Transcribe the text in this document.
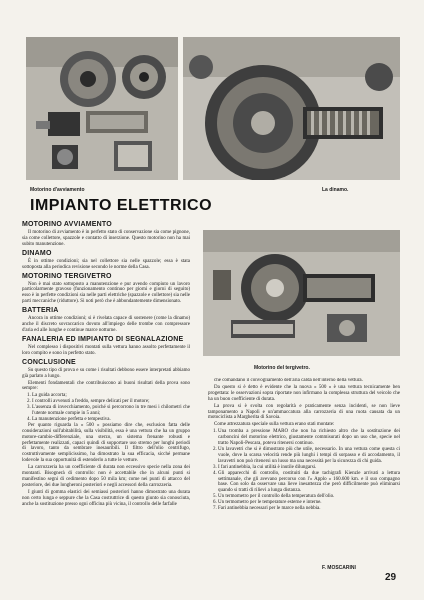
Motorino d'avviamento	La dinamo.
IMPIANTO ELETTRICO
MOTORINO AVVIAMENTO

Il motorino di avviamento è in perfetto stato di conservazione sia come pignone, sia come collettore, spazzole e contatto di inserzione. Questo motorino non ha mai subito manutenzione.

DINAMO

È in ottime condizioni; sia nel collettore sia nelle spazzole; essa è stata sottoposta alla periodica revisione secondo le norme della Casa.

MOTORINO TERGIVETRO

Non è mai stato sottoposto a manutenzione e pur avendo compiuto un lavoro particolarmente gravoso (funzionamento continuo per giorni e giorni di seguito) esso è in perfette condizioni sia nelle parti elettriche (spazzole e collettore) sia nelle parti meccaniche (riduttore). Si noti però che è abbondantemente dimensionato.

BATTERIA

Ancora in ottime condizioni; si è rivelata capace di sostenere (come la dinamo) anche il discreto sovraccarico dovuto all'impiego delle trombe con compressore d'aria ed alle lunghe e continue marce notturne.

FANALERIA ED IMPIANTO DI SEGNALAZIONE

Nel complesso i dispositivi montati sulla vettura hanno assolto perfettamente il loro compito e sono in perfetto stato.

CONCLUSIONE

Su questo tipo di prova e su come i risultati debbono essere interpretati abbiamo già parlato a lungo.

Elementi fondamentali che contribuiscono ai buoni risultati della prova sono sempre:

1. La guida accorta;
2. I controlli avvenuti a freddo, sempre delicati per il motore;
3. L'assenza di invecchiamento, poiché si percorrono in tre mesi i chilometri che l'utente normale compie in 5 anni;
4. La manutenzione perfetta e tempestiva.

Per quanto riguarda la « 500 » possiamo dire che, esclusion fatta delle considerazioni sull'abitabilità, sulla visibilità, essa è una vettura che ha un gruppo motore-cambio-differenziale, una sterzo, un sistema frenante robusti e perfettamente realizzati, capaci quindi di sopportare uso stremo per lunghi periodi di lavoro, tanto da sembrare inesauribili. Il filtro dell'olio centrifugo, costruttivamente semplicissimo, ha dimostrato la sua efficacia, sicché permane lodevole la sua opportunità di estenderlo a tutte le vetture.

La carrozzeria ha un coefficiente di durata non eccessivo specie nella zona dei montanti. Bisognerà di controllo: non è accettabile che in alcuni punti si manifestino segni di cedimento dopo 50 mila km; come nei punti di attacco del posteriore, dei due longheroni posteriori e negli accessori della carrozzeria.

I giunti di gomma elastici dei semiassi posteriori hanno dimostrato una durata non certo lunga e seppure che la Casa costruttrice di questo giunto sia conosciuta, anche la sostituzione presso ogni officina più vicina, il controllo delle farfalle

Motorino del tergivetro.

che comandano il convogliamento dell'aria calda nell'interno della vettura.

Da questo si è detto è evidente che la nuova « 500 » è una vettura tecnicamente ben progettata: le osservazioni sopra riportate non infirmano la complessa struttura del veicolo che ha un buon coefficiente di durata.

La prova si è svolta con regolarità e praticamente senza incidenti, se non lieve tamponamento a Napoli e un'ammaccatura alla carrozzeria di una ruota causata da un motociclista a Margherita di Savoia.

Come attrezzatura speciale sulla vettura erano stati montate:

1. Una tromba a pressione MARO che non ha richiesto altro che la sostituzione dei carboncini del motorino elettrico, giustamente commisurati dopo un uso che, specie nel tratto Napoli-Pescara, poteva ritenersi continuo.
2. Un lavavetri che si è dimostrato più che utile, necessario. In una vettura come questa ci vuole, dove la scarsa velocità rende più lunghi i tempi di sorpasso e di accodamento, il lavavetri non può ritenersi un lusso ma una necessità per la sicurezza di chi guida.
3. I fari antinebbia, la cui utilità è inutile dilungarsi.
4. Gli apparecchi di controllo, costituiti da due tachigrafi Kienzle arrivati a lettura settimanale, che gli avevano percorso con l'« Applo » 160.600 km. e il suo compagno base. Con solo da osservare una lieve inesattezza che però difficilmente può eliminarsi quando si tratti di rilievi a lunga distanza.
5. Un termometro per il controllo della temperatura dell'olio.
6. Un termometro per le temperature esterne e interne.
7. Fari antinebbia necessari per le marce nella nebbia.
F. MOSCARINI
29
